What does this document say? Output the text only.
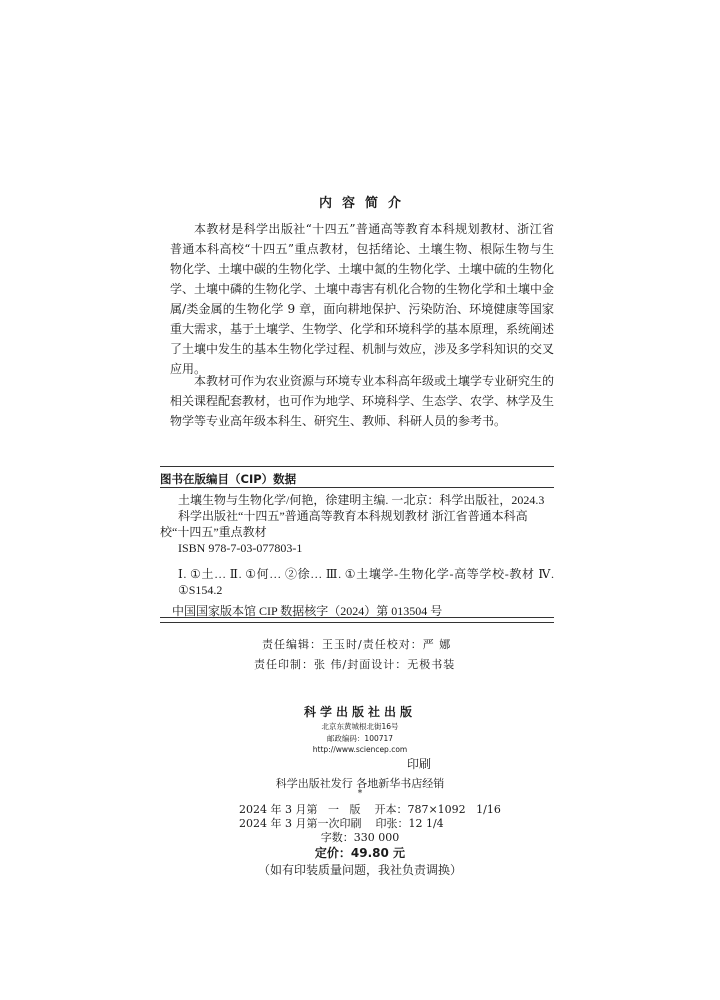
内容简介

本教材是科学出版社“十四五”普通高等教育本科规划教材、浙江省普通本科高校“十四五”重点教材，包括绪论、土壤生物、根际生物与生物化学、土壤中碳的生物化学、土壤中氮的生物化学、土壤中硫的生物化学、土壤中磷的生物化学、土壤中毒害有机化合物的生物化学和土壤中金属/类金属的生物化学 9 章，面向耕地保护、污染防治、环境健康等国家重大需求，基于土壤学、生物学、化学和环境科学的基本原理，系统阐述了土壤中发生的基本生物化学过程、机制与效应，涉及多学科知识的交叉应用。

本教材可作为农业资源与环境专业本科高年级或土壤学专业研究生的相关课程配套教材，也可作为地学、环境科学、生态学、农学、林学及生物学等专业高年级本科生、研究生、教师、科研人员的参考书。

图书在版编目（CIP）数据
土壤生物与生物化学/何艳，徐建明主编. 一北京：科学出版社，2024.3
科学出版社“十四五”普通高等教育本科规划教材 浙江省普通本科高校“十四五”重点教材
ISBN 978-7-03-077803-1
Ⅰ. ①土… Ⅱ. ①何… ②徐… Ⅲ. ①土壤学-生物化学-高等学校-教材 Ⅳ. ①S154.2
中国国家版本馆 CIP 数据核字（2024）第 013504 号
责任编辑：王玉时/责任校对：严 娜
责任印制：张 伟/封面设计：无极书装
科学出版社出版
北京东黄城根北街16号
邮政编码：100717
http://www.sciencep.com
印刷
科学出版社发行 各地新华书店经销
*
2024 年 3 月第   一   版    开本：787×1092   1/16
2024 年 3 月第一次印刷    印张：12 1/4
字数：330 000
定价：49.80 元
（如有印装质量问题，我社负责调换）
